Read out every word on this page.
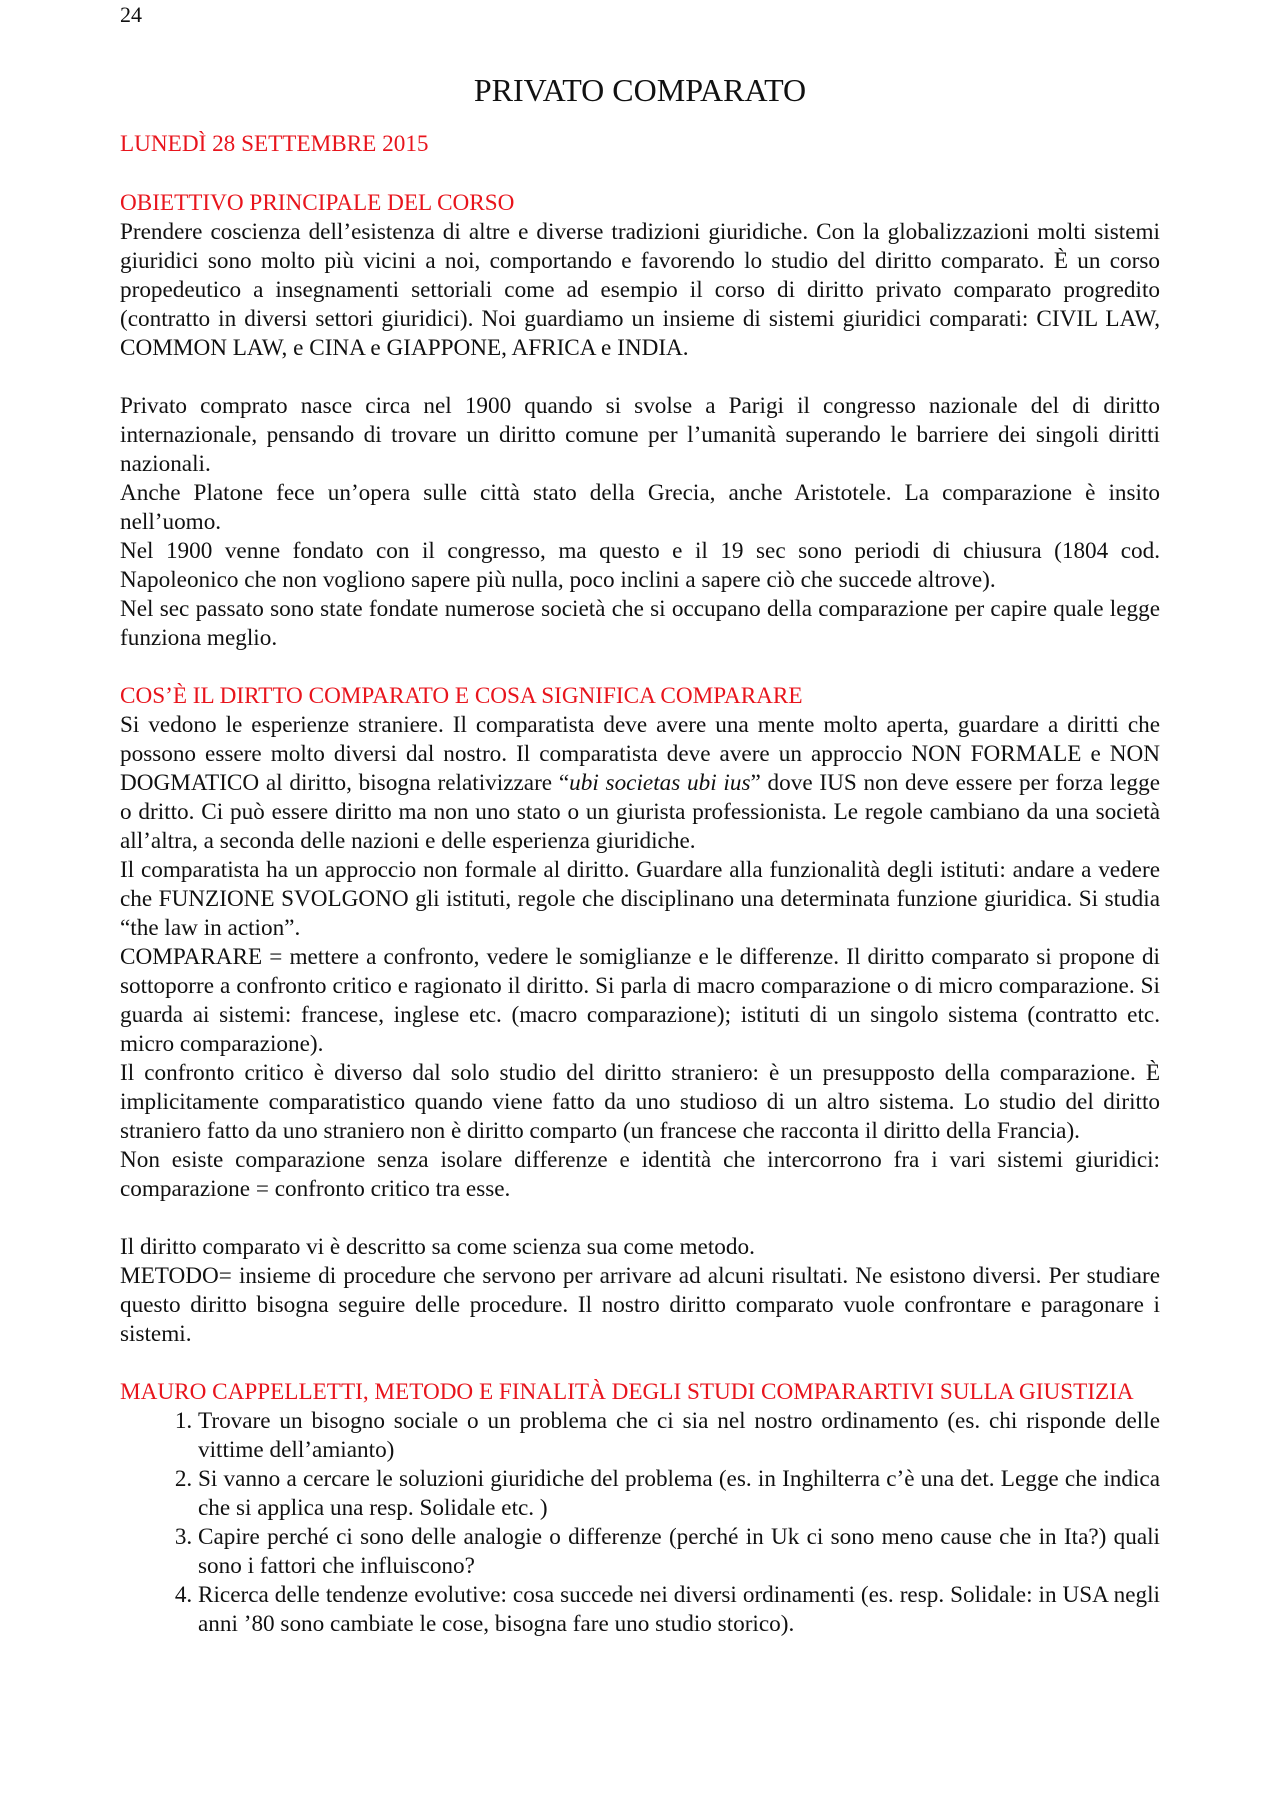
24
PRIVATO COMPARATO
LUNEDÌ 28 SETTEMBRE 2015
OBIETTIVO PRINCIPALE DEL CORSO

Prendere coscienza dell’esistenza di altre e diverse tradizioni giuridiche. Con la globalizzazioni molti sistemi giuridici sono molto più vicini a noi, comportando e favorendo lo studio del diritto comparato. È un corso propedeutico a insegnamenti settoriali come ad esempio il corso di diritto privato comparato progredito (contratto in diversi settori giuridici). Noi guardiamo un insieme di sistemi giuridici comparati: CIVIL LAW, COMMON LAW, e CINA e GIAPPONE, AFRICA e INDIA.

Privato comprato nasce circa nel 1900 quando si svolse a Parigi il congresso nazionale del di diritto internazionale, pensando di trovare un diritto comune per l’umanità superando le barriere dei singoli diritti nazionali.

Anche Platone fece un’opera sulle città stato della Grecia, anche Aristotele. La comparazione è insito nell’uomo.

Nel 1900 venne fondato con il congresso, ma questo e il 19 sec sono periodi di chiusura (1804 cod. Napoleonico che non vogliono sapere più nulla, poco inclini a sapere ciò che succede altrove).

Nel sec passato sono state fondate numerose società che si occupano della comparazione per capire quale legge funziona meglio.

COS’È IL DIRTTO COMPARATO E COSA SIGNIFICA COMPARARE

Si vedono le esperienze straniere. Il comparatista deve avere una mente molto aperta, guardare a diritti che possono essere molto diversi dal nostro. Il comparatista deve avere un approccio NON FORMALE e NON DOGMATICO al diritto, bisogna relativizzare “ubi societas ubi ius” dove IUS non deve essere per forza legge o dritto. Ci può essere diritto ma non uno stato o un giurista professionista. Le regole cambiano da una società all’altra, a seconda delle nazioni e delle esperienza giuridiche.

Il comparatista ha un approccio non formale al diritto. Guardare alla funzionalità degli istituti: andare a vedere che FUNZIONE SVOLGONO gli istituti, regole che disciplinano una determinata funzione giuridica. Si studia “the law in action”.

COMPARARE = mettere a confronto, vedere le somiglianze e le differenze. Il diritto comparato si propone di sottoporre a confronto critico e ragionato il diritto. Si parla di macro comparazione o di micro comparazione. Si guarda ai sistemi: francese, inglese etc. (macro comparazione); istituti di un singolo sistema (contratto etc. micro comparazione).

Il confronto critico è diverso dal solo studio del diritto straniero: è un presupposto della comparazione. È implicitamente comparatistico quando viene fatto da uno studioso di un altro sistema. Lo studio del diritto straniero fatto da uno straniero non è diritto comparto (un francese che racconta il diritto della Francia).

Non esiste comparazione senza isolare differenze e identità che intercorrono fra i vari sistemi giuridici: comparazione = confronto critico tra esse.

Il diritto comparato vi è descritto sa come scienza sua come metodo.

METODO= insieme di procedure che servono per arrivare ad alcuni risultati. Ne esistono diversi. Per studiare questo diritto bisogna seguire delle procedure. Il nostro diritto comparato vuole confrontare e paragonare i sistemi.

MAURO CAPPELLETTI, METODO E FINALITÀ DEGLI STUDI COMPARARTIVI SULLA GIUSTIZIA
1. Trovare un bisogno sociale o un problema che ci sia nel nostro ordinamento (es. chi risponde delle vittime dell’amianto)
2. Si vanno a cercare le soluzioni giuridiche del problema (es. in Inghilterra c’è una det. Legge che indica che si applica una resp. Solidale etc. )
3. Capire perché ci sono delle analogie o differenze (perché in Uk ci sono meno cause che in Ita?) quali sono i fattori che influiscono?
4. Ricerca delle tendenze evolutive: cosa succede nei diversi ordinamenti (es. resp. Solidale: in USA negli anni ’80 sono cambiate le cose, bisogna fare uno studio storico).
